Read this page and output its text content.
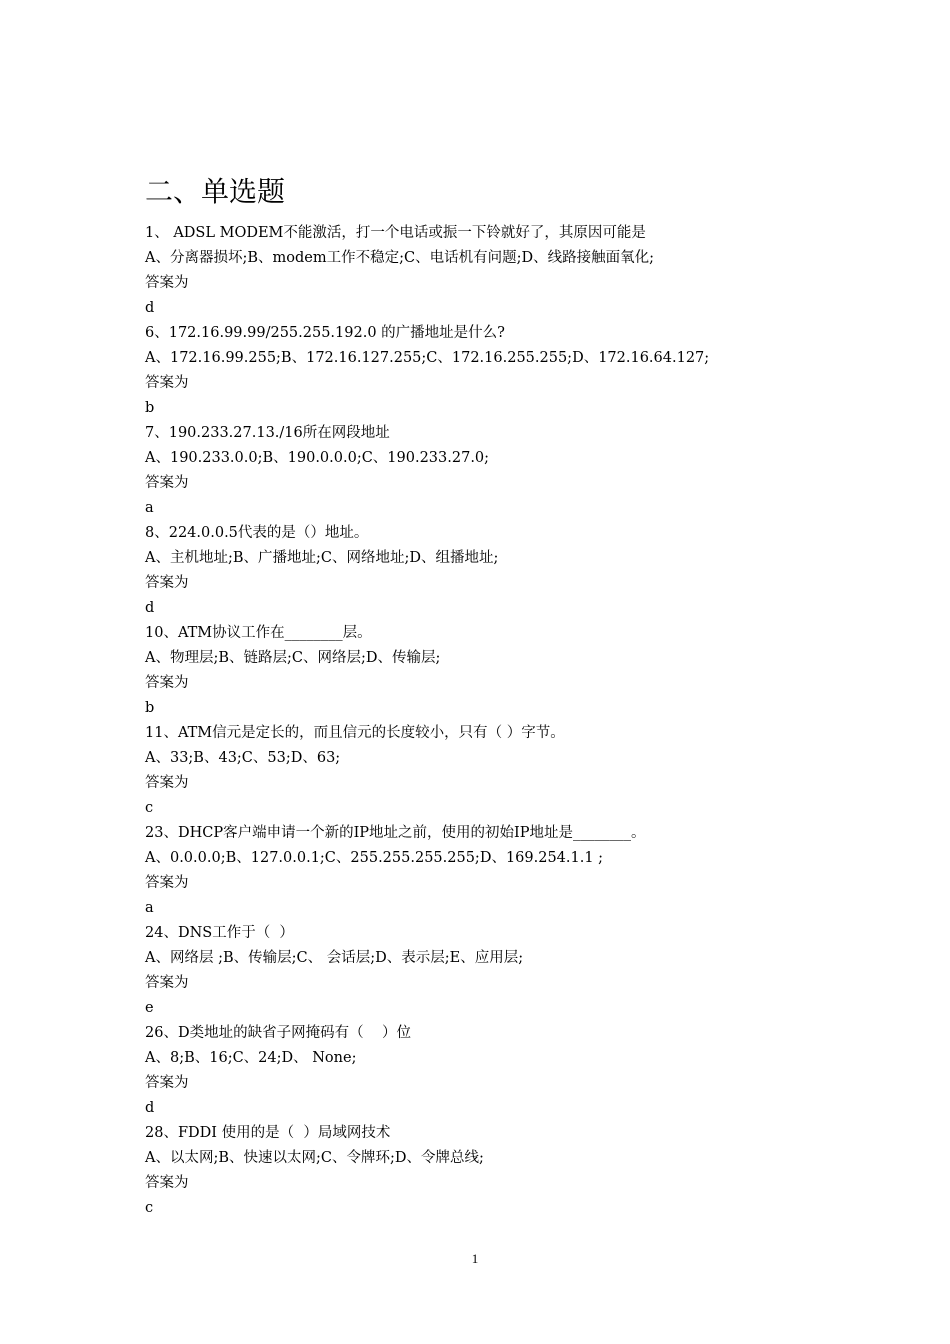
二、单选题
1、 ADSL MODEM不能激活，打一个电话或振一下铃就好了，其原因可能是
A、分离器损坏;B、modem工作不稳定;C、电话机有问题;D、线路接触面氧化;
答案为
d
6、172.16.99.99/255.255.192.0 的广播地址是什么?
A、172.16.99.255;B、172.16.127.255;C、172.16.255.255;D、172.16.64.127;
答案为
b
7、190.233.27.13./16所在网段地址
A、190.233.0.0;B、190.0.0.0;C、190.233.27.0;
答案为
a
8、224.0.0.5代表的是（）地址。
A、主机地址;B、广播地址;C、网络地址;D、组播地址;
答案为
d
10、ATM协议工作在________层。
A、物理层;B、链路层;C、网络层;D、传输层;
答案为
b
11、ATM信元是定长的，而且信元的长度较小，只有（ ）字节。
A、33;B、43;C、53;D、63;
答案为
c
23、DHCP客户端申请一个新的IP地址之前，使用的初始IP地址是________。
A、0.0.0.0;B、127.0.0.1;C、255.255.255.255;D、169.254.1.1 ;
答案为
a
24、DNS工作于（  ）
A、网络层 ;B、传输层;C、 会话层;D、表示层;E、应用层;
答案为
e
26、D类地址的缺省子网掩码有（    ）位
A、8;B、16;C、24;D、 None;
答案为
d
28、FDDI 使用的是（  ）局域网技术
A、以太网;B、快速以太网;C、令牌环;D、令牌总线;
答案为
c
1
